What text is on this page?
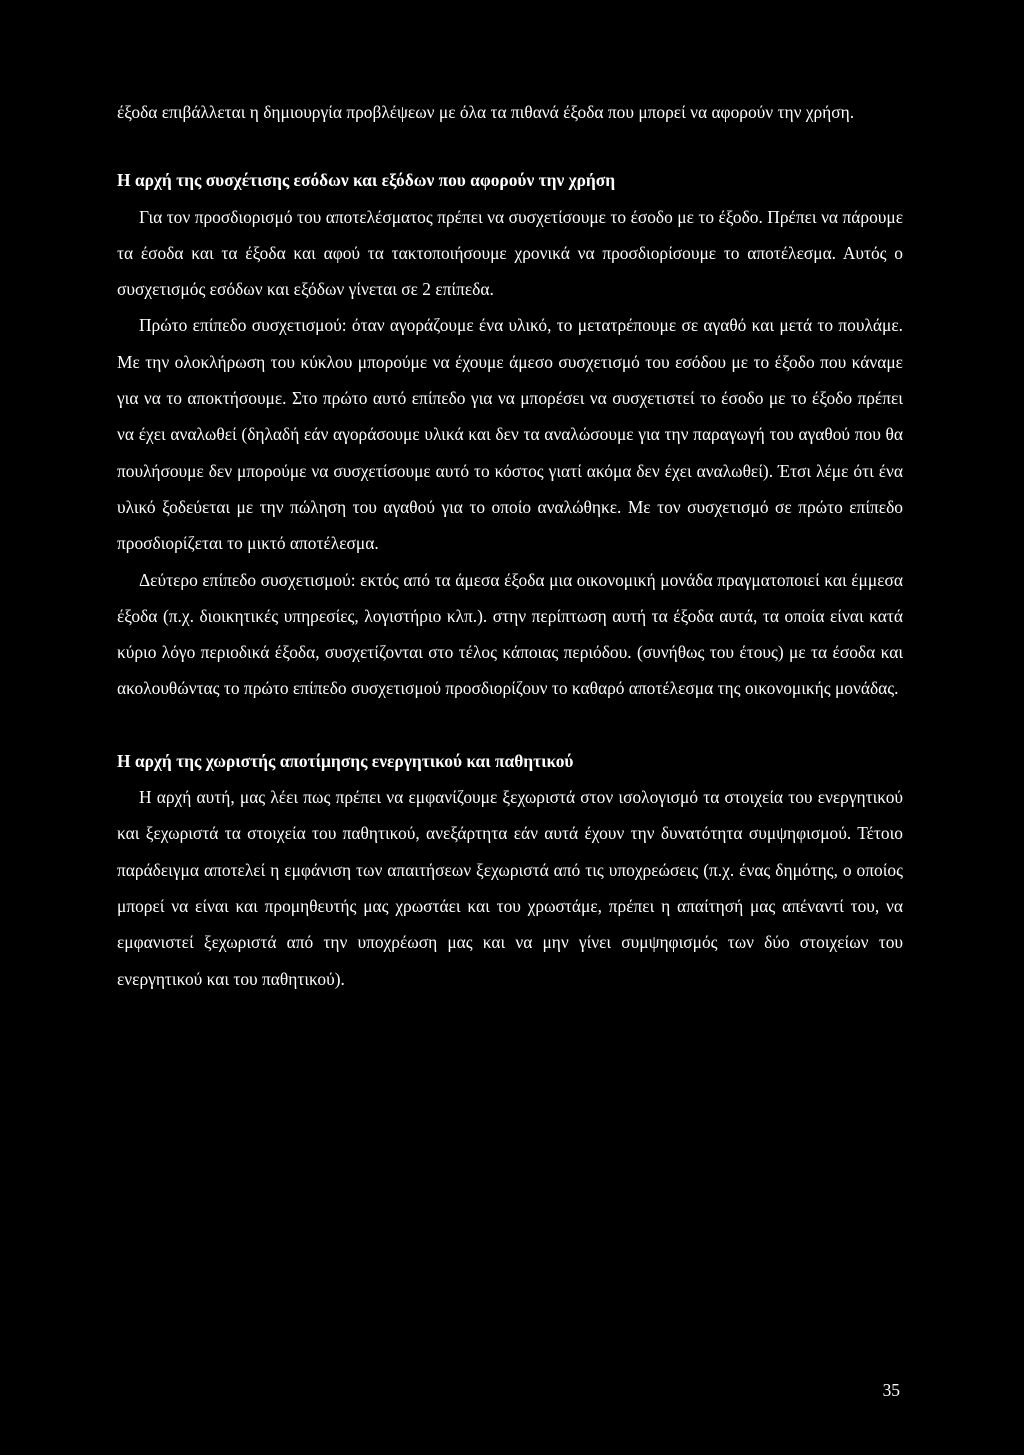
έξοδα επιβάλλεται η δημιουργία προβλέψεων με όλα τα πιθανά έξοδα που μπορεί να αφορούν την χρήση.

Η αρχή της συσχέτισης εσόδων και εξόδων που αφορούν την χρήση

Για τον προσδιορισμό του αποτελέσματος πρέπει να συσχετίσουμε το έσοδο με το έξοδο. Πρέπει να πάρουμε τα έσοδα και τα έξοδα και αφού τα τακτοποιήσουμε χρονικά να προσδιορίσουμε το αποτέλεσμα. Αυτός ο συσχετισμός εσόδων και εξόδων γίνεται σε 2 επίπεδα.

Πρώτο επίπεδο συσχετισμού: όταν αγοράζουμε ένα υλικό, το μετατρέπουμε σε αγαθό και μετά το πουλάμε. Με την ολοκλήρωση του κύκλου μπορούμε να έχουμε άμεσο συσχετισμό του εσόδου με το έξοδο που κάναμε για να το αποκτήσουμε. Στο πρώτο αυτό επίπεδο για να μπορέσει να συσχετιστεί το έσοδο με το έξοδο πρέπει να έχει αναλωθεί (δηλαδή εάν αγοράσουμε υλικά και δεν τα αναλώσουμε για την παραγωγή του αγαθού που θα πουλήσουμε δεν μπορούμε να συσχετίσουμε αυτό το κόστος γιατί ακόμα δεν έχει αναλωθεί). Έτσι λέμε ότι ένα υλικό ξοδεύεται με την πώληση του αγαθού για το οποίο αναλώθηκε. Με τον συσχετισμό σε πρώτο επίπεδο προσδιορίζεται το μικτό αποτέλεσμα.

Δεύτερο επίπεδο συσχετισμού: εκτός από τα άμεσα έξοδα μια οικονομική μονάδα πραγματοποιεί και έμμεσα έξοδα (π.χ. διοικητικές υπηρεσίες, λογιστήριο κλπ.). στην περίπτωση αυτή τα έξοδα αυτά, τα οποία είναι κατά κύριο λόγο περιοδικά έξοδα, συσχετίζονται στο τέλος κάποιας περιόδου. (συνήθως του έτους) με τα έσοδα και ακολουθώντας το πρώτο επίπεδο συσχετισμού προσδιορίζουν το καθαρό αποτέλεσμα της οικονομικής μονάδας.

Η αρχή της χωριστής αποτίμησης ενεργητικού και παθητικού

Η αρχή αυτή, μας λέει πως πρέπει να εμφανίζουμε ξεχωριστά στον ισολογισμό τα στοιχεία του ενεργητικού και ξεχωριστά τα στοιχεία του παθητικού, ανεξάρτητα εάν αυτά έχουν την δυνατότητα συμψηφισμού. Τέτοιο παράδειγμα αποτελεί η εμφάνιση των απαιτήσεων ξεχωριστά από τις υποχρεώσεις (π.χ. ένας δημότης, ο οποίος μπορεί να είναι και προμηθευτής μας χρωστάει και του χρωστάμε, πρέπει η απαίτησή μας απέναντί του, να εμφανιστεί ξεχωριστά από την υποχρέωση μας και να μην γίνει συμψηφισμός των δύο στοιχείων του ενεργητικού και του παθητικού).

35
